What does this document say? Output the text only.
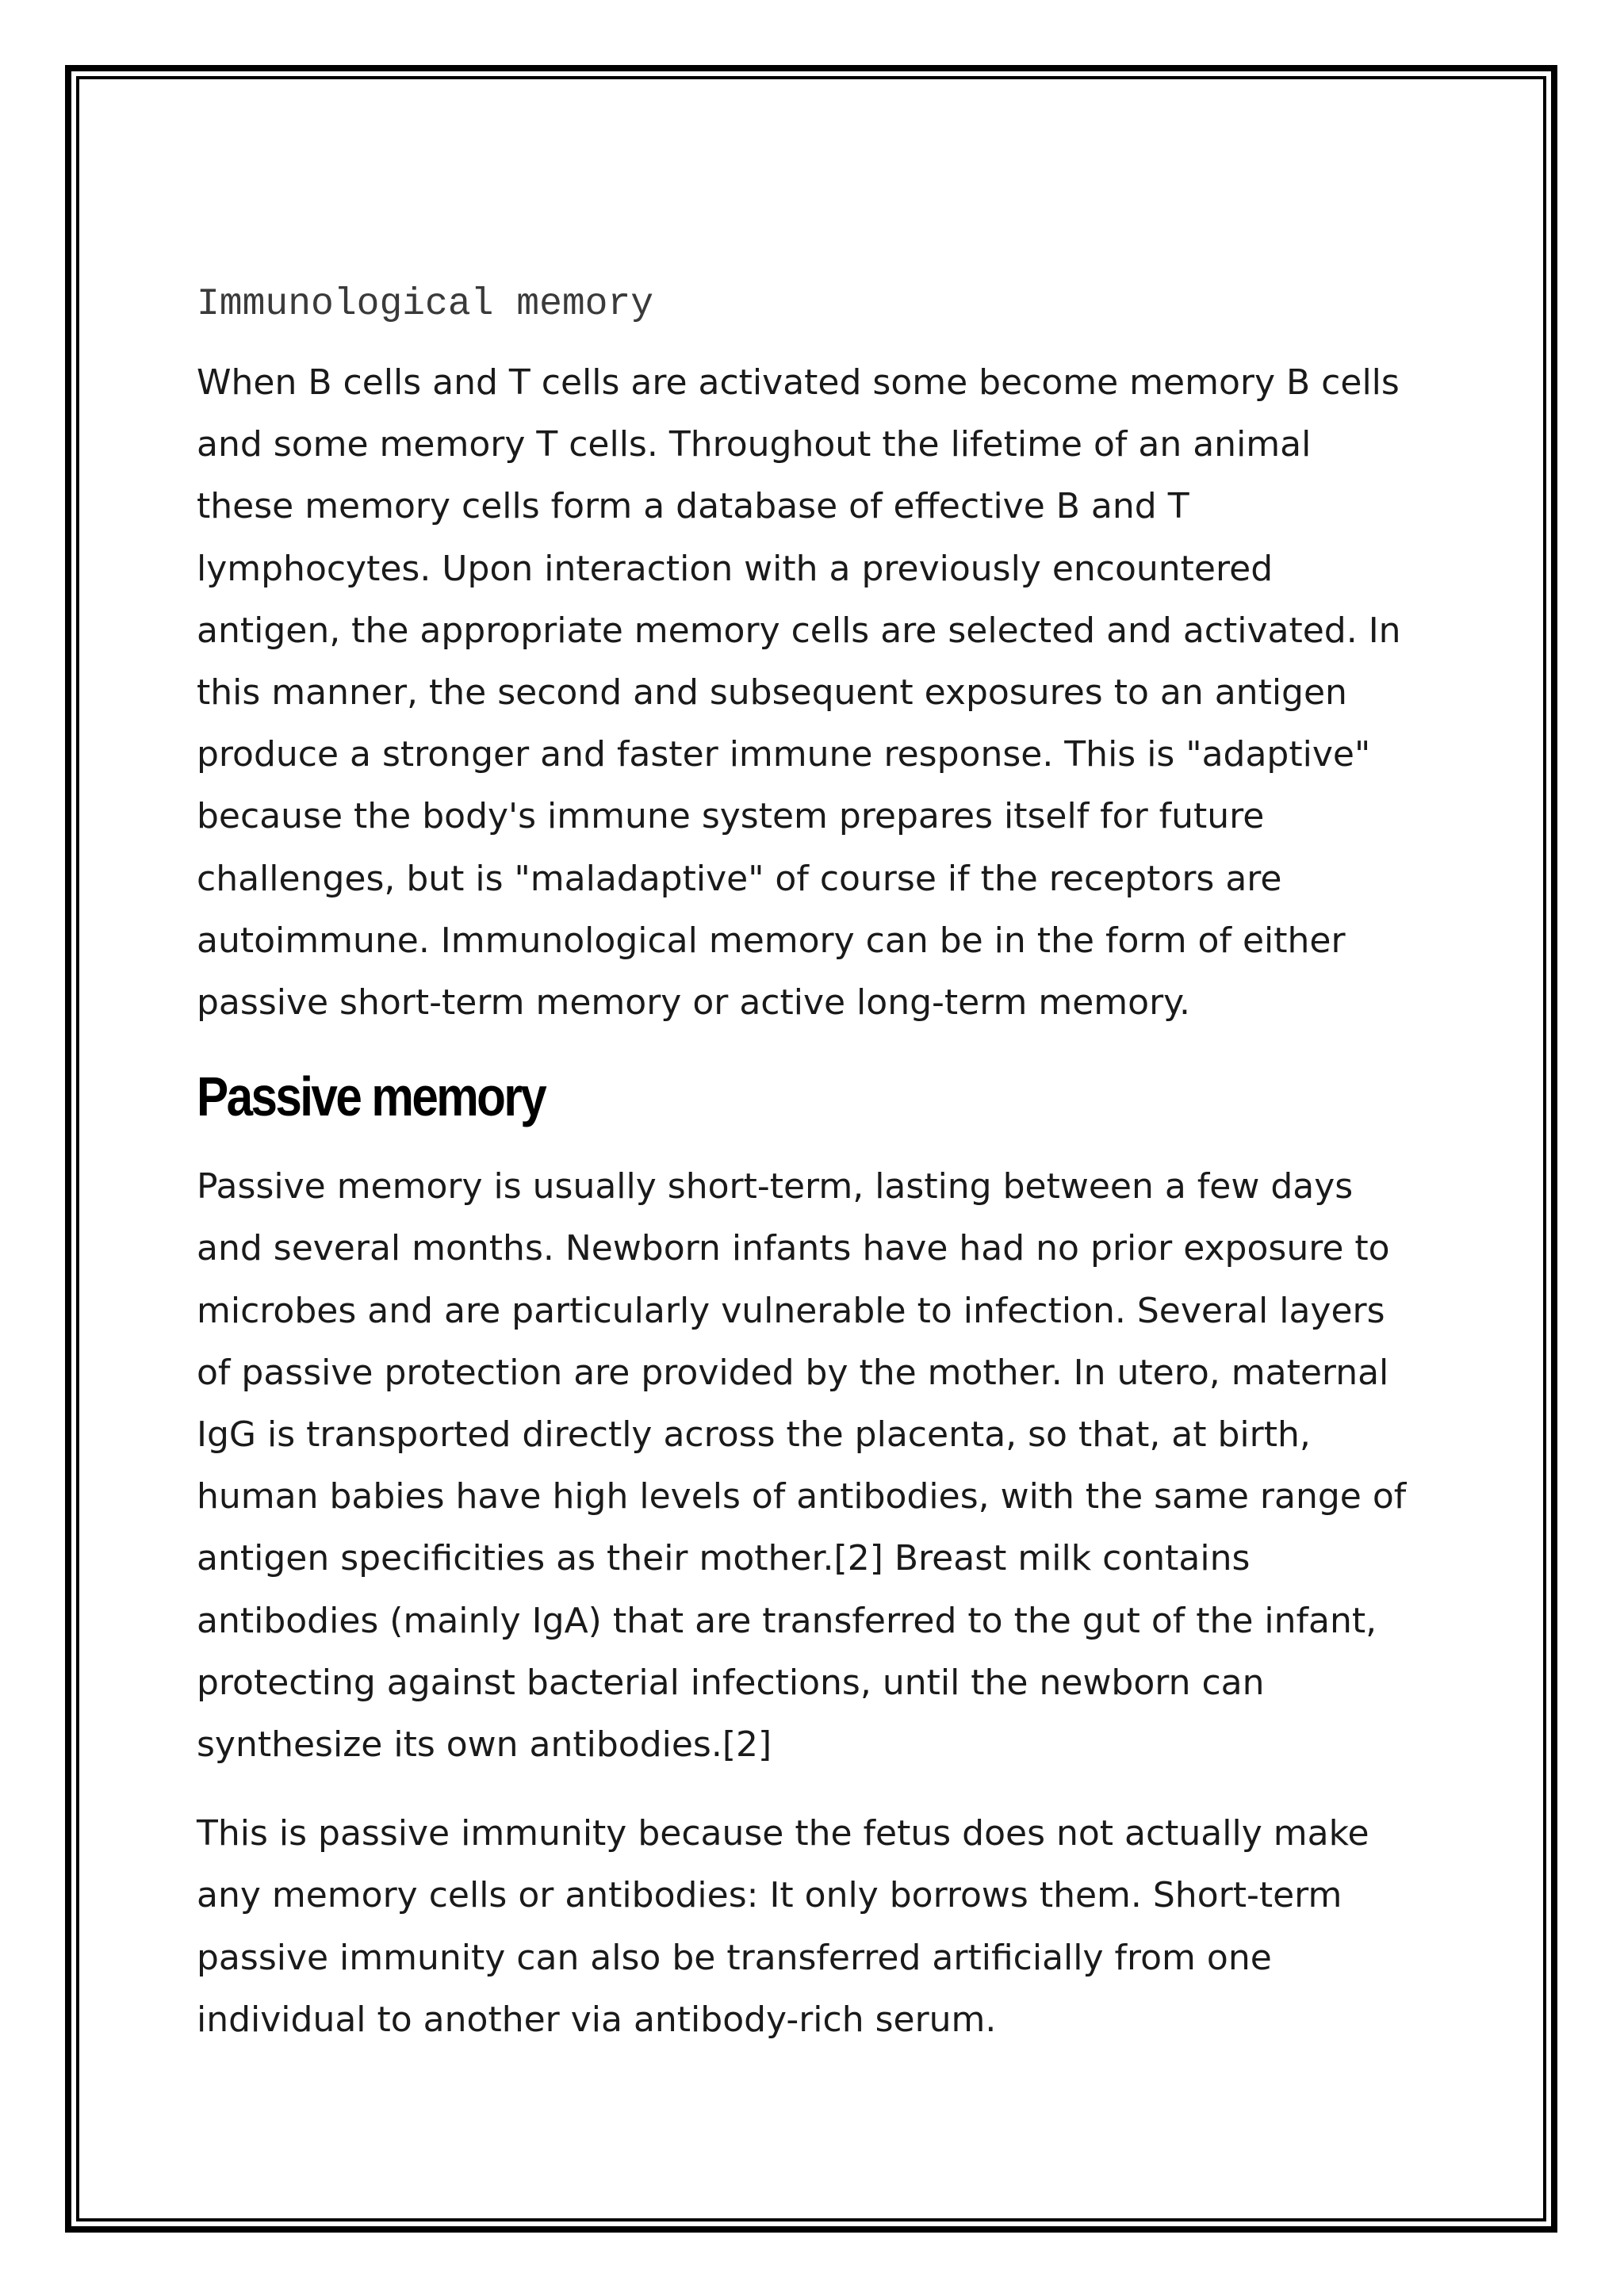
Immunological memory

When B cells and T cells are activated some become memory B cells
and some memory T cells. Throughout the lifetime of an animal
these memory cells form a database of effective B and T
lymphocytes. Upon interaction with a previously encountered
antigen, the appropriate memory cells are selected and activated. In
this manner, the second and subsequent exposures to an antigen
produce a stronger and faster immune response. This is "adaptive"
because the body's immune system prepares itself for future
challenges, but is "maladaptive" of course if the receptors are
autoimmune. Immunological memory can be in the form of either
passive short-term memory or active long-term memory.

Passive memory

Passive memory is usually short-term, lasting between a few days
and several months. Newborn infants have had no prior exposure to
microbes and are particularly vulnerable to infection. Several layers
of passive protection are provided by the mother. In utero, maternal
IgG is transported directly across the placenta, so that, at birth,
human babies have high levels of antibodies, with the same range of
antigen specificities as their mother.[2] Breast milk contains
antibodies (mainly IgA) that are transferred to the gut of the infant,
protecting against bacterial infections, until the newborn can
synthesize its own antibodies.[2]

This is passive immunity because the fetus does not actually make
any memory cells or antibodies: It only borrows them. Short-term
passive immunity can also be transferred artificially from one
individual to another via antibody-rich serum.
